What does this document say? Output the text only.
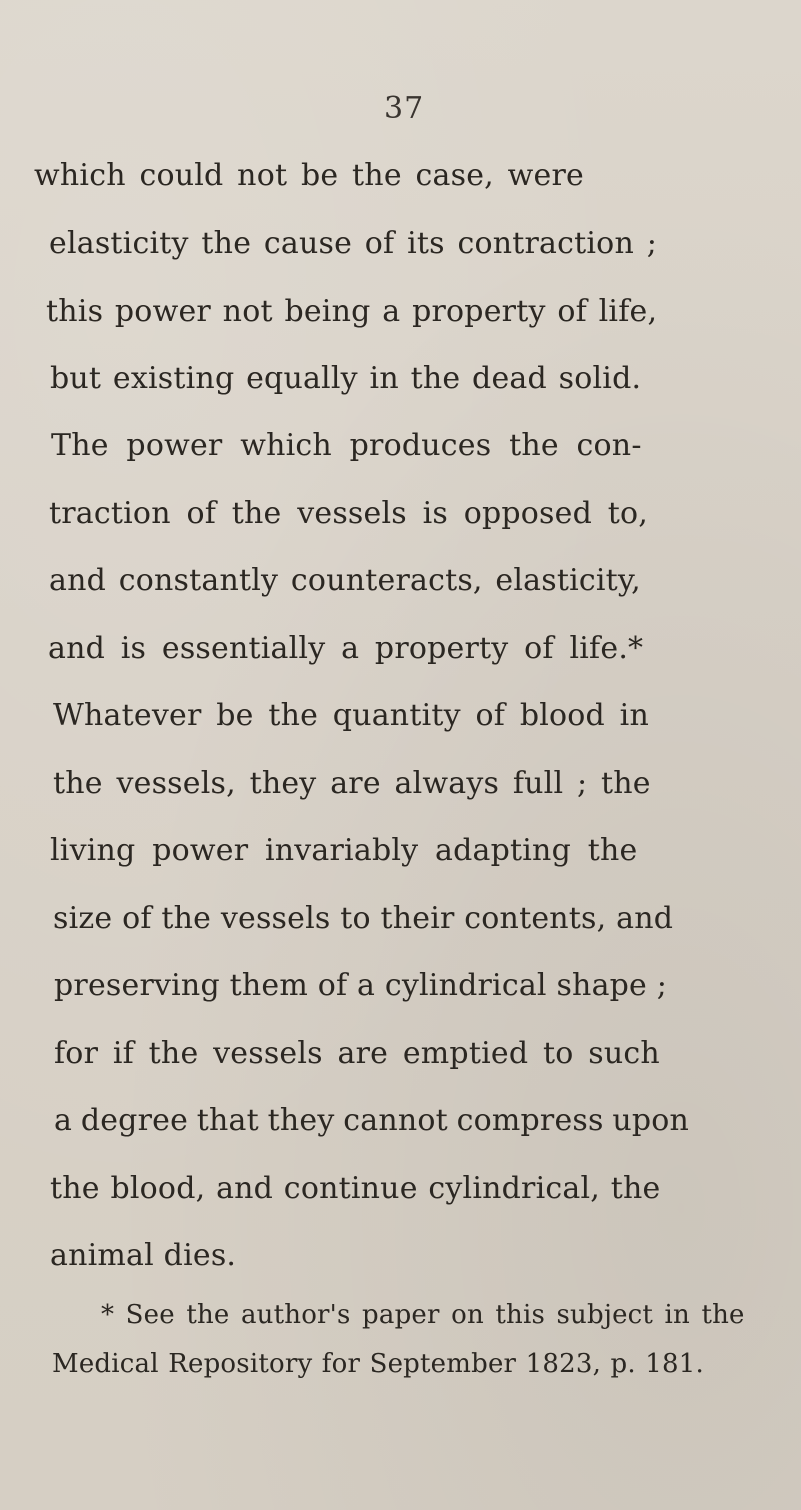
37
which could not be the case, were
elasticity the cause of its contraction ;
this power not being a property of life,
but existing equally in the dead solid.
The power which produces the con-
traction of the vessels is opposed to,
and constantly counteracts, elasticity,
and is essentially a property of life.*
Whatever be the quantity of blood in
the vessels, they are always full ; the
living power invariably adapting the
size of the vessels to their contents, and
preserving them of a cylindrical shape ;
for if the vessels are emptied to such
a degree that they cannot compress upon
the blood, and continue cylindrical, the
animal dies.
* See the author's paper on this subject in the
Medical Repository for September 1823, p. 181.
